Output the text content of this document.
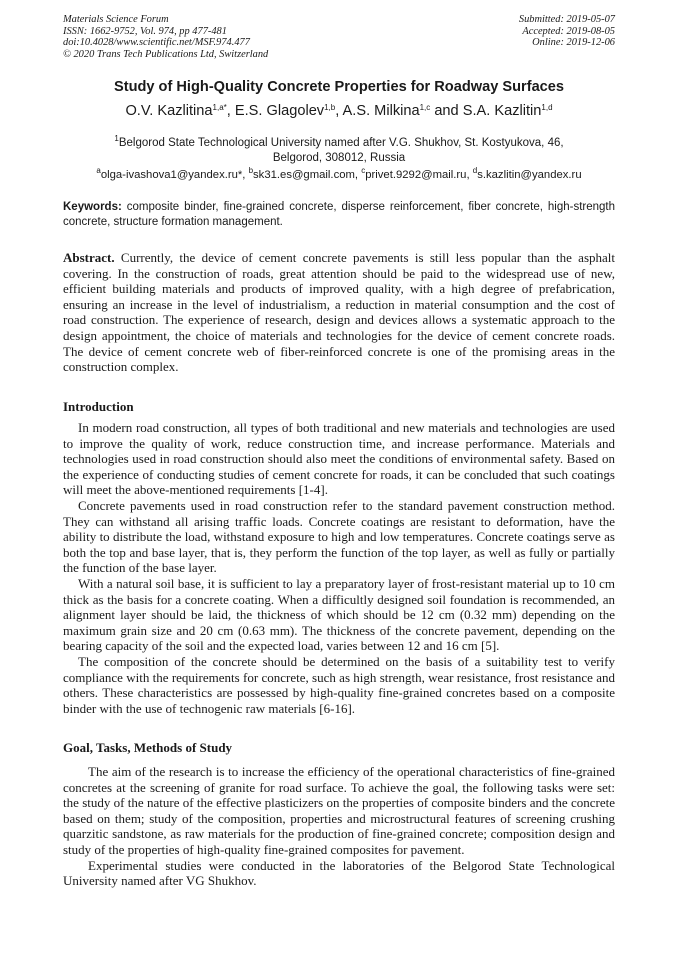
Materials Science Forum
ISSN: 1662-9752, Vol. 974, pp 477-481
doi:10.4028/www.scientific.net/MSF.974.477
© 2020 Trans Tech Publications Ltd, Switzerland
Submitted: 2019-05-07
Accepted: 2019-08-05
Online: 2019-12-06
Study of High-Quality Concrete Properties for Roadway Surfaces
O.V. Kazlitina$^{1,a*}$, E.S. Glagolev$^{1,b}$, A.S. Milkina$^{1,c}$ and S.A. Kazlitin$^{1,d}$
$^1$Belgorod State Technological University named after V.G. Shukhov, St. Kostyukova, 46,
Belgorod, 308012, Russia
$^a$olga-ivashova1@yandex.ru*, $^b$sk31.es@gmail.com, $^c$privet.9292@mail.ru, $^d$s.kazlitin@yandex.ru
Keywords: composite binder, fine-grained concrete, disperse reinforcement, fiber concrete, high-strength concrete, structure formation management.
Abstract. Currently, the device of cement concrete pavements is still less popular than the asphalt covering. In the construction of roads, great attention should be paid to the widespread use of new, efficient building materials and products of improved quality, with a high degree of prefabrication, ensuring an increase in the level of industrialism, a reduction in material consumption and the cost of road construction. The experience of research, design and devices allows a systematic approach to the design appointment, the choice of materials and technologies for the device of cement concrete roads. The device of cement concrete web of fiber-reinforced concrete is one of the promising areas in the construction complex.
Introduction

In modern road construction, all types of both traditional and new materials and technologies are used to improve the quality of work, reduce construction time, and increase performance. Materials and technologies used in road construction should also meet the conditions of environmental safety. Based on the experience of conducting studies of cement concrete for roads, it can be concluded that such coatings will meet the above-mentioned requirements [1-4].

Concrete pavements used in road construction refer to the standard pavement construction method. They can withstand all arising traffic loads. Concrete coatings are resistant to deformation, have the ability to distribute the load, withstand exposure to high and low temperatures. Concrete coatings serve as both the top and base layer, that is, they perform the function of the top layer, as well as fully or partially the function of the base layer.

With a natural soil base, it is sufficient to lay a preparatory layer of frost-resistant material up to 10 cm thick as the basis for a concrete coating. When a difficultly designed soil foundation is recommended, an alignment layer should be laid, the thickness of which should be 12 cm (0.32 mm) depending on the maximum grain size and 20 cm (0.63 mm). The thickness of the concrete pavement, depending on the bearing capacity of the soil and the expected load, varies between 12 and 16 cm [5].

The composition of the concrete should be determined on the basis of a suitability test to verify compliance with the requirements for concrete, such as high strength, wear resistance, frost resistance and others. These characteristics are possessed by high-quality fine-grained concretes based on a composite binder with the use of technogenic raw materials [6-16].

Goal, Tasks, Methods of Study

The aim of the research is to increase the efficiency of the operational characteristics of fine-grained concretes at the screening of granite for road surface. To achieve the goal, the following tasks were set: the study of the nature of the effective plasticizers on the properties of composite binders and the concrete based on them; study of the composition, properties and microstructural features of screening crushing quarzitic sandstone, as raw materials for the production of fine-grained concrete; composition design and study of the properties of high-quality fine-grained composites for pavement.

Experimental studies were conducted in the laboratories of the Belgorod State Technological University named after VG Shukhov.
